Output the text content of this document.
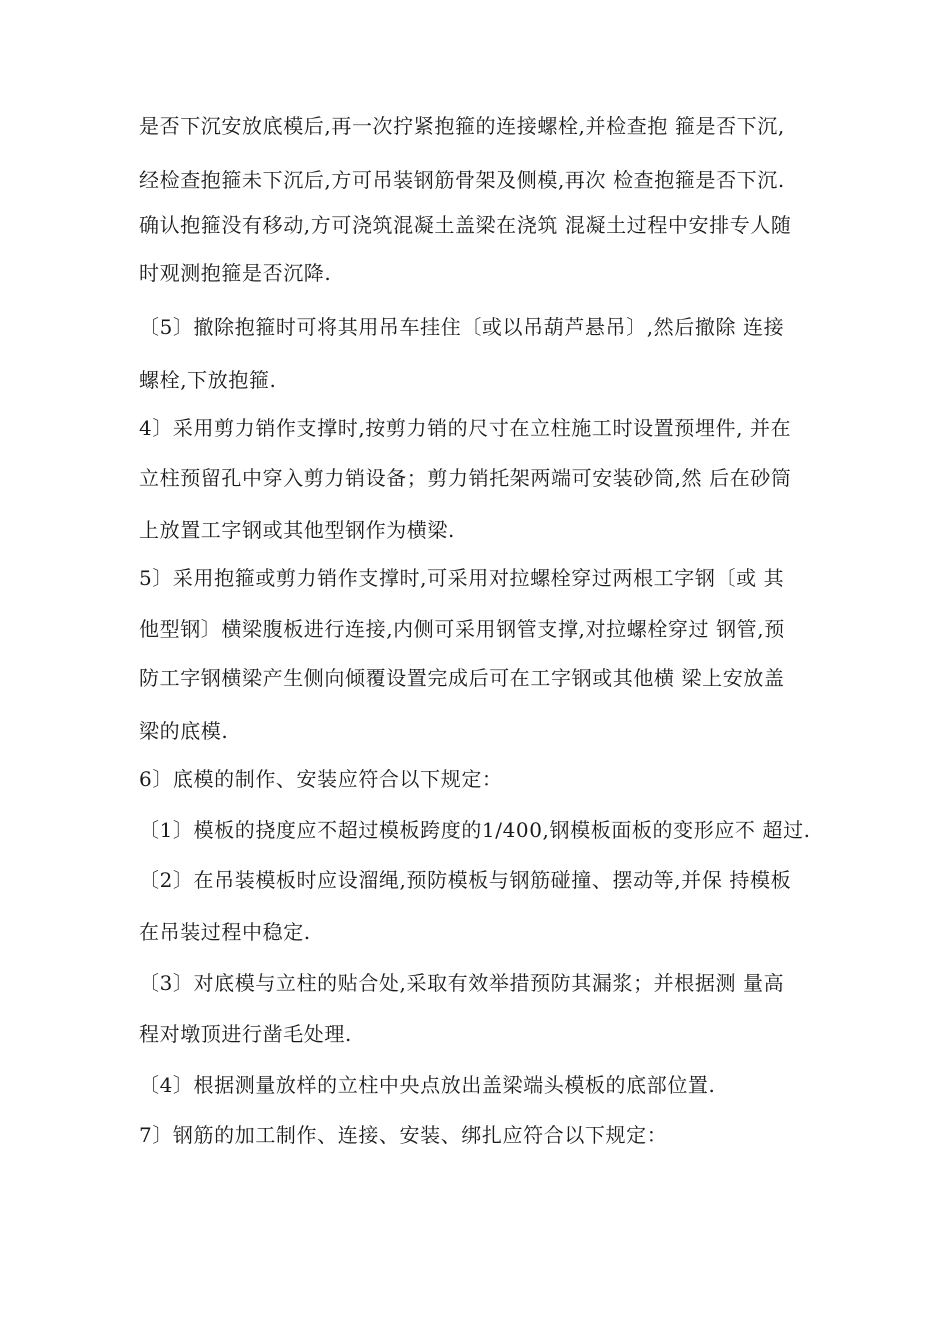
是否下沉安放底模后,再一次拧紧抱箍的连接螺栓,并检查抱 箍是否下沉,
经检查抱箍未下沉后,方可吊装钢筋骨架及侧模,再次 检查抱箍是否下沉.
确认抱箍没有移动,方可浇筑混凝土盖梁在浇筑 混凝土过程中安排专人随
时观测抱箍是否沉降.
〔5〕撤除抱箍时可将其用吊车挂住〔或以吊葫芦悬吊〕,然后撤除 连接
螺栓,下放抱箍.
4〕采用剪力销作支撑时,按剪力销的尺寸在立柱施工时设置预埋件, 并在
立柱预留孔中穿入剪力销设备；剪力销托架两端可安装砂筒,然 后在砂筒
上放置工字钢或其他型钢作为横梁.
5〕采用抱箍或剪力销作支撑时,可采用对拉螺栓穿过两根工字钢〔或 其
他型钢〕横梁腹板进行连接,内侧可采用钢管支撑,对拉螺栓穿过 钢管,预
防工字钢横梁产生侧向倾覆设置完成后可在工字钢或其他横 梁上安放盖
梁的底模.
6〕底模的制作、安装应符合以下规定：
〔1〕模板的挠度应不超过模板跨度的1/400,钢模板面板的变形应不 超过.
〔2〕在吊装模板时应设溜绳,预防模板与钢筋碰撞、摆动等,并保 持模板
在吊装过程中稳定.
〔3〕对底模与立柱的贴合处,采取有效举措预防其漏浆；并根据测 量高
程对墩顶进行凿毛处理.
〔4〕根据测量放样的立柱中央点放出盖梁端头模板的底部位置.
7〕钢筋的加工制作、连接、安装、绑扎应符合以下规定：
